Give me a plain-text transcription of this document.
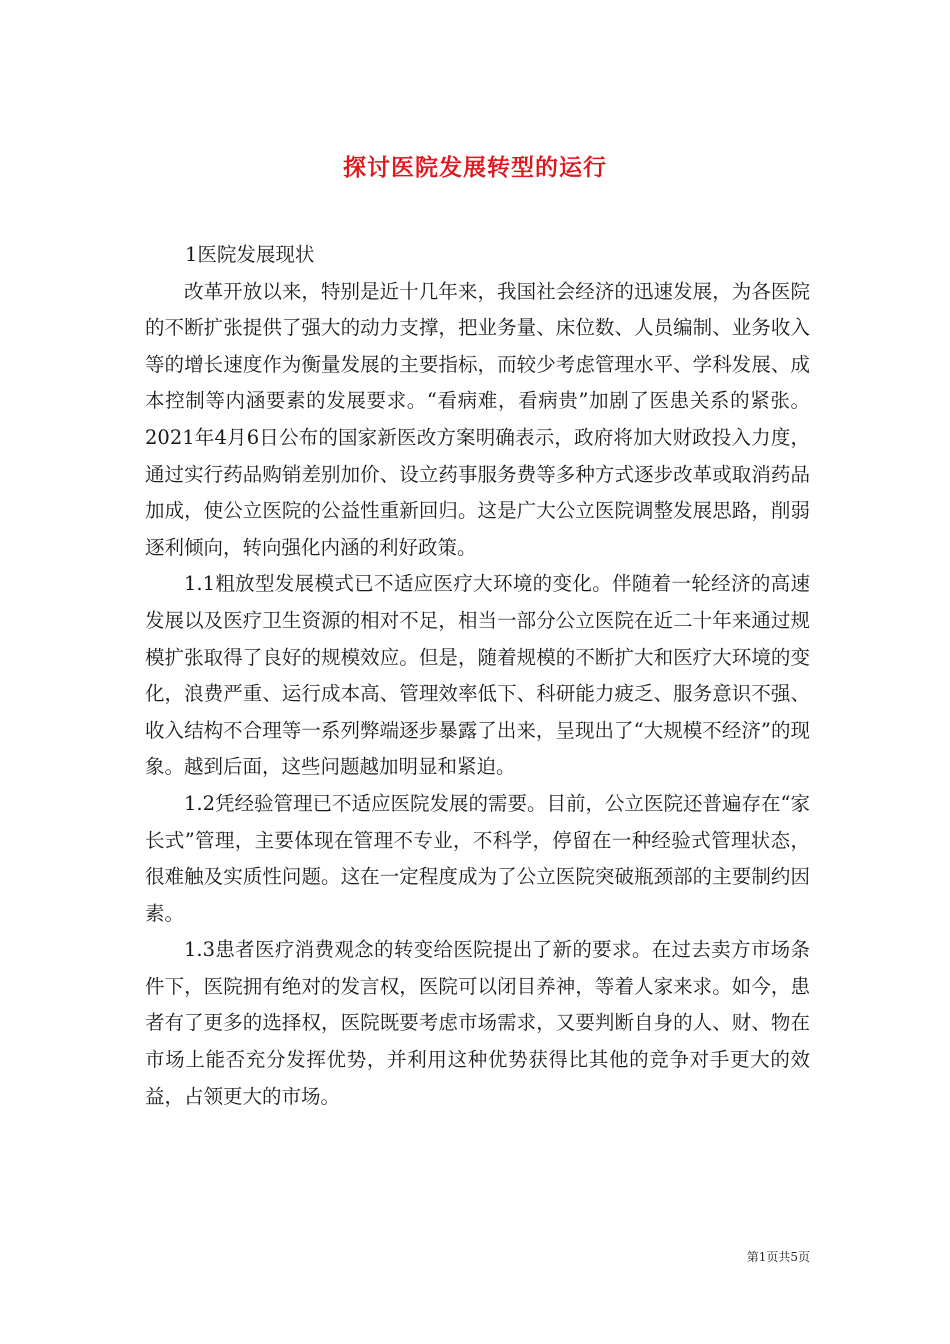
探讨医院发展转型的运行

1医院发展现状

改革开放以来，特别是近十几年来，我国社会经济的迅速发展，为各医院的不断扩张提供了强大的动力支撑，把业务量、床位数、人员编制、业务收入等的增长速度作为衡量发展的主要指标，而较少考虑管理水平、学科发展、成本控制等内涵要素的发展要求。“看病难，看病贵”加剧了医患关系的紧张。2021年4月6日公布的国家新医改方案明确表示，政府将加大财政投入力度，通过实行药品购销差别加价、设立药事服务费等多种方式逐步改革或取消药品加成，使公立医院的公益性重新回归。这是广大公立医院调整发展思路，削弱逐利倾向，转向强化内涵的利好政策。

1.1粗放型发展模式已不适应医疗大环境的变化。伴随着一轮经济的高速发展以及医疗卫生资源的相对不足，相当一部分公立医院在近二十年来通过规模扩张取得了良好的规模效应。但是，随着规模的不断扩大和医疗大环境的变化，浪费严重、运行成本高、管理效率低下、科研能力疲乏、服务意识不强、收入结构不合理等一系列弊端逐步暴露了出来，呈现出了“大规模不经济”的现象。越到后面，这些问题越加明显和紧迫。

1.2凭经验管理已不适应医院发展的需要。目前，公立医院还普遍存在“家长式”管理，主要体现在管理不专业，不科学，停留在一种经验式管理状态，很难触及实质性问题。这在一定程度成为了公立医院突破瓶颈部的主要制约因素。

1.3患者医疗消费观念的转变给医院提出了新的要求。在过去卖方市场条件下，医院拥有绝对的发言权，医院可以闭目养神，等着人家来求。如今，患者有了更多的选择权，医院既要考虑市场需求，又要判断自身的人、财、物在市场上能否充分发挥优势，并利用这种优势获得比其他的竞争对手更大的效益，占领更大的市场。

第1页共5页
